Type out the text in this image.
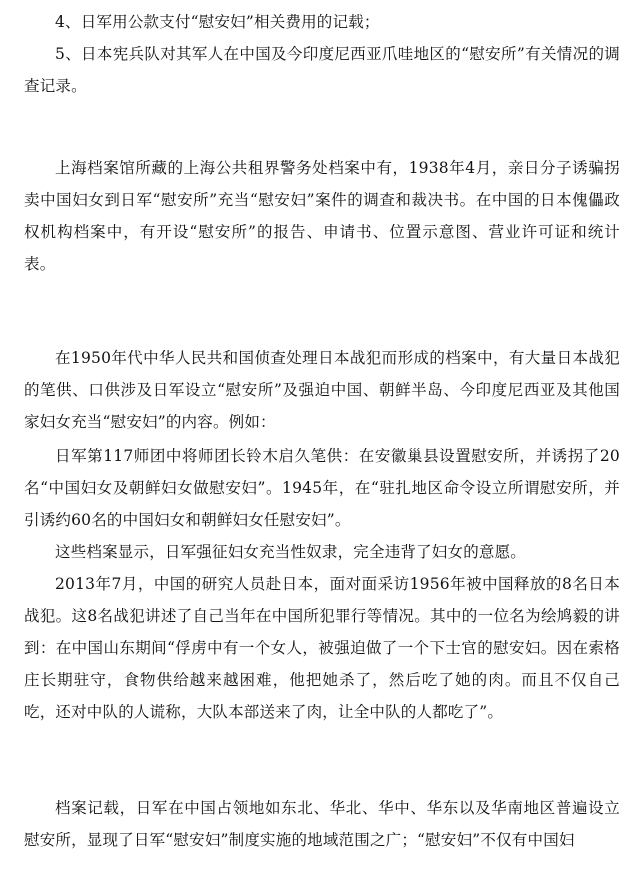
4、日军用公款支付“慰安妇”相关费用的记载；

5、日本宪兵队对其军人在中国及今印度尼西亚爪哇地区的“慰安所”有关情况的调查记录。

上海档案馆所藏的上海公共租界警务处档案中有，1938年4月，亲日分子诱骗拐卖中国妇女到日军“慰安所”充当“慰安妇”案件的调查和裁决书。在中国的日本傀儡政权机构档案中，有开设“慰安所”的报告、申请书、位置示意图、营业许可证和统计表。

在1950年代中华人民共和国侦查处理日本战犯而形成的档案中，有大量日本战犯的笔供、口供涉及日军设立“慰安所”及强迫中国、朝鲜半岛、今印度尼西亚及其他国家妇女充当“慰安妇”的内容。例如：

日军第117师团中将师团长铃木启久笔供：在安徽巢县设置慰安所，并诱拐了20名“中国妇女及朝鲜妇女做慰安妇”。1945年，在“驻扎地区命令设立所谓慰安所，并引诱约60名的中国妇女和朝鲜妇女任慰安妇”。

这些档案显示，日军强征妇女充当性奴隶，完全违背了妇女的意愿。

2013年7月，中国的研究人员赴日本，面对面采访1956年被中国释放的8名日本战犯。这8名战犯讲述了自己当年在中国所犯罪行等情况。其中的一位名为绘鸠毅的讲到：在中国山东期间“俘虏中有一个女人，被强迫做了一个下士官的慰安妇。因在索格庄长期驻守，食物供给越来越困难，他把她杀了，然后吃了她的肉。而且不仅自己吃，还对中队的人谎称，大队本部送来了肉，让全中队的人都吃了”。

档案记载，日军在中国占领地如东北、华北、华中、华东以及华南地区普遍设立慰安所，显现了日军“慰安妇”制度实施的地域范围之广；“慰安妇”不仅有中国妇
